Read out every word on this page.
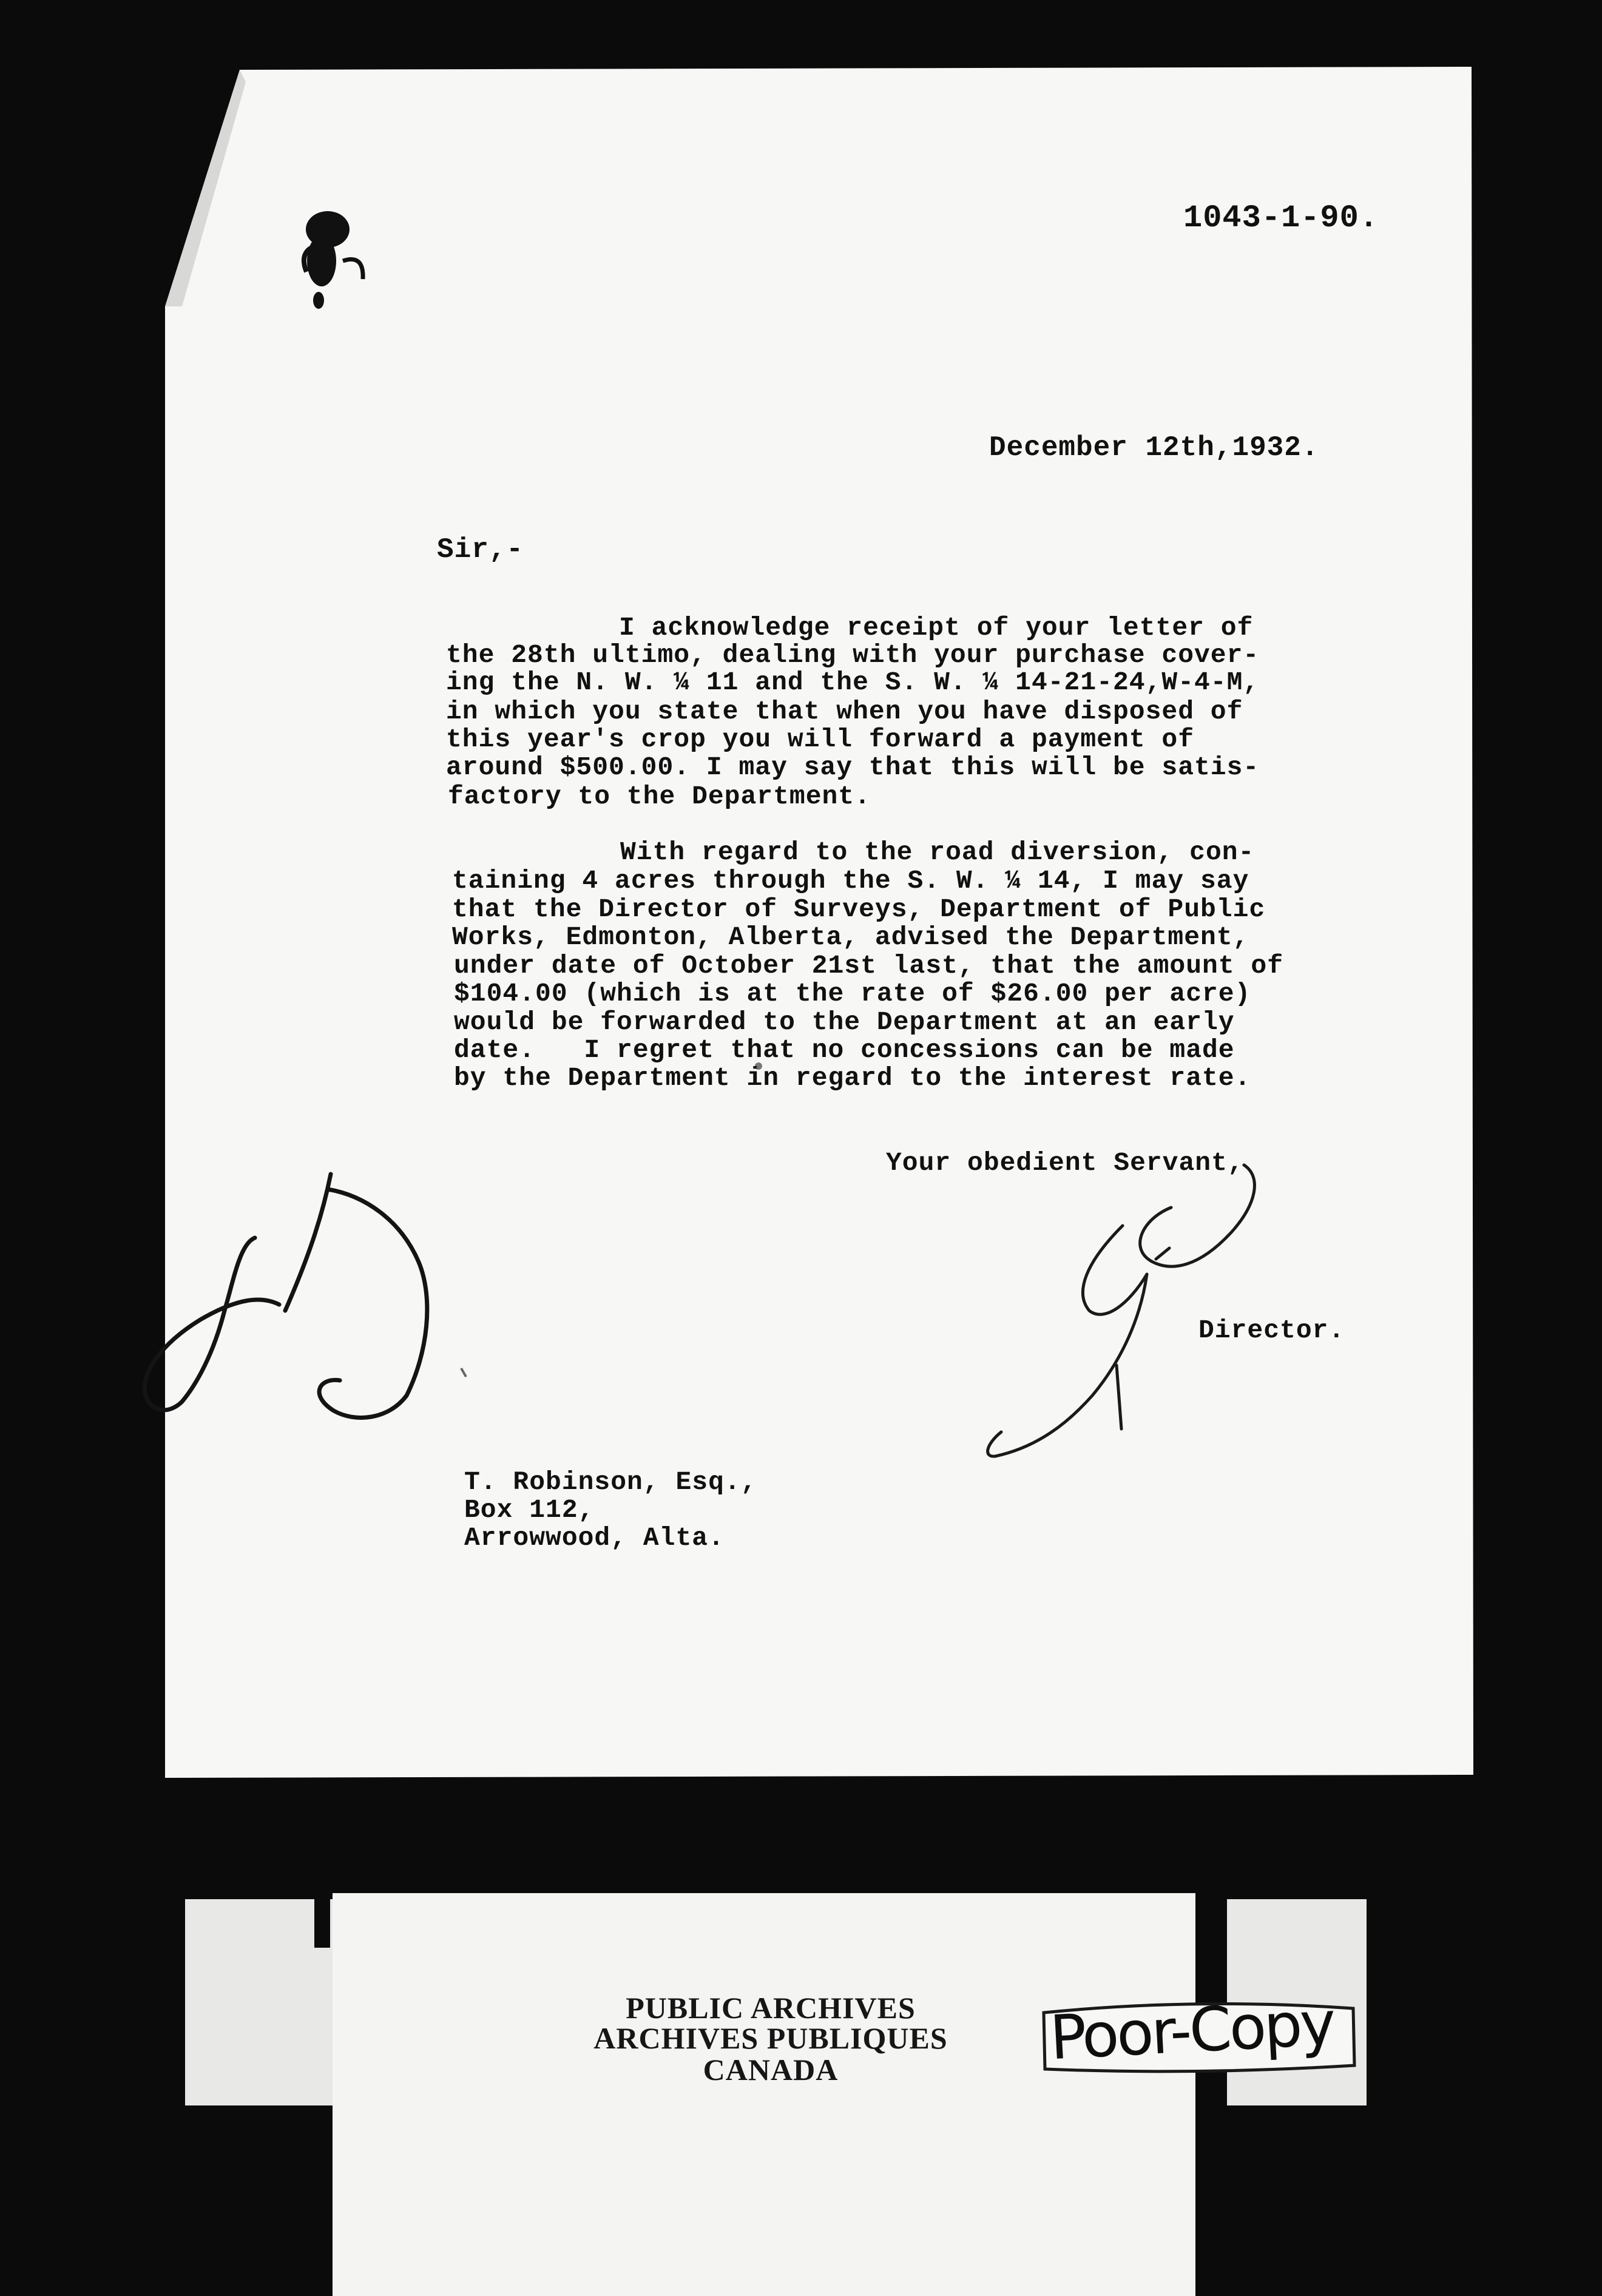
1043-1-90.
December 12th,1932.
Sir,-
I acknowledge receipt of your letter of
the 28th ultimo, dealing with your purchase cover-
ing the N. W. ¼ 11 and the S. W. ¼ 14-21-24,W-4-M,
in which you state that when you have disposed of
this year's crop you will forward a payment of
around $500.00. I may say that this will be satis-
factory to the Department.
With regard to the road diversion, con-
taining 4 acres through the S. W. ¼ 14, I may say
that the Director of Surveys, Department of Public
Works, Edmonton, Alberta, advised the Department,
under date of October 21st last, that the amount of
$104.00 (which is at the rate of $26.00 per acre)
would be forwarded to the Department at an early
date.   I regret that no concessions can be made
by the Department in regard to the interest rate.
Your obedient Servant,
Director.
T. Robinson, Esq.,
Box 112,
Arrowwood, Alta.
PUBLIC ARCHIVES
ARCHIVES PUBLIQUES
CANADA	Poor-Copy
